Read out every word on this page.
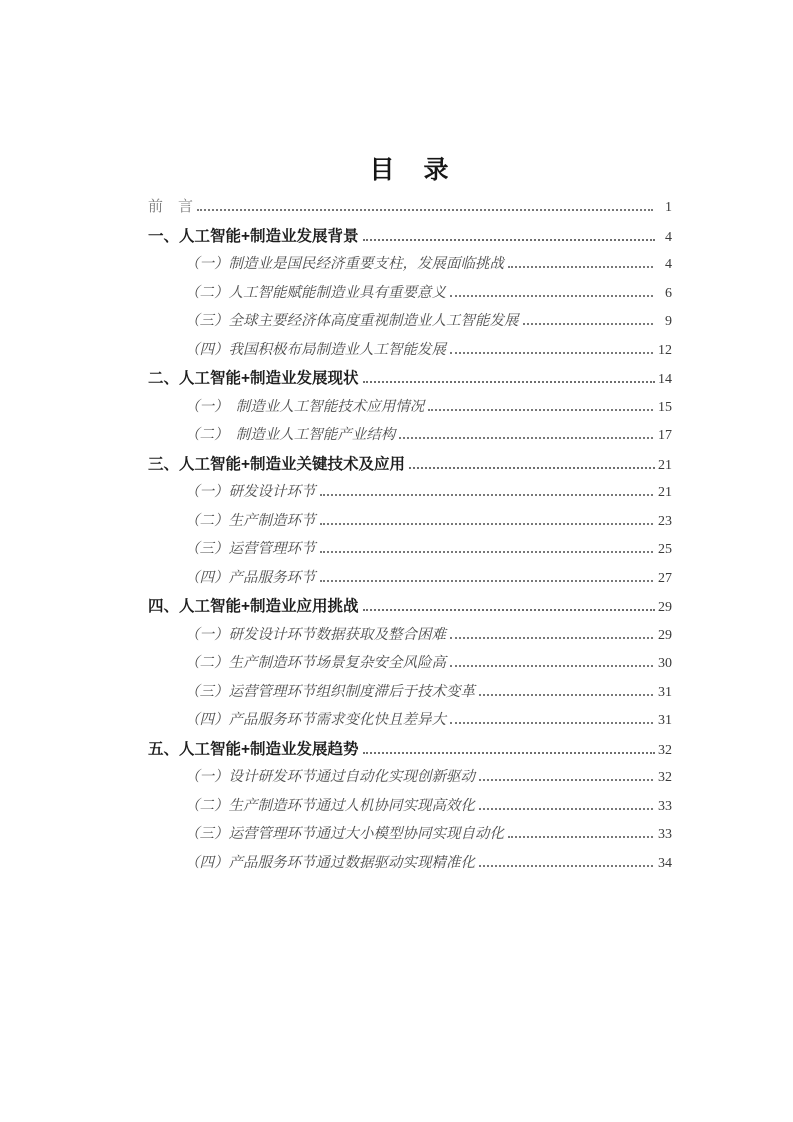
目　录
前　言	1
一、人工智能+制造业发展背景	4
（一）制造业是国民经济重要支柱，发展面临挑战	4
（二）人工智能赋能制造业具有重要意义	6
（三）全球主要经济体高度重视制造业人工智能发展	9
（四）我国积极布局制造业人工智能发展	12
二、人工智能+制造业发展现状	14
（一）　制造业人工智能技术应用情况	15
（二）　制造业人工智能产业结构	17
三、人工智能+制造业关键技术及应用	21
（一）研发设计环节	21
（二）生产制造环节	23
（三）运营管理环节	25
（四）产品服务环节	27
四、人工智能+制造业应用挑战	29
（一）研发设计环节数据获取及整合困难	29
（二）生产制造环节场景复杂安全风险高	30
（三）运营管理环节组织制度滞后于技术变革	31
（四）产品服务环节需求变化快且差异大	31
五、人工智能+制造业发展趋势	32
（一）设计研发环节通过自动化实现创新驱动	32
（二）生产制造环节通过人机协同实现高效化	33
（三）运营管理环节通过大小模型协同实现自动化	33
（四）产品服务环节通过数据驱动实现精准化	34
